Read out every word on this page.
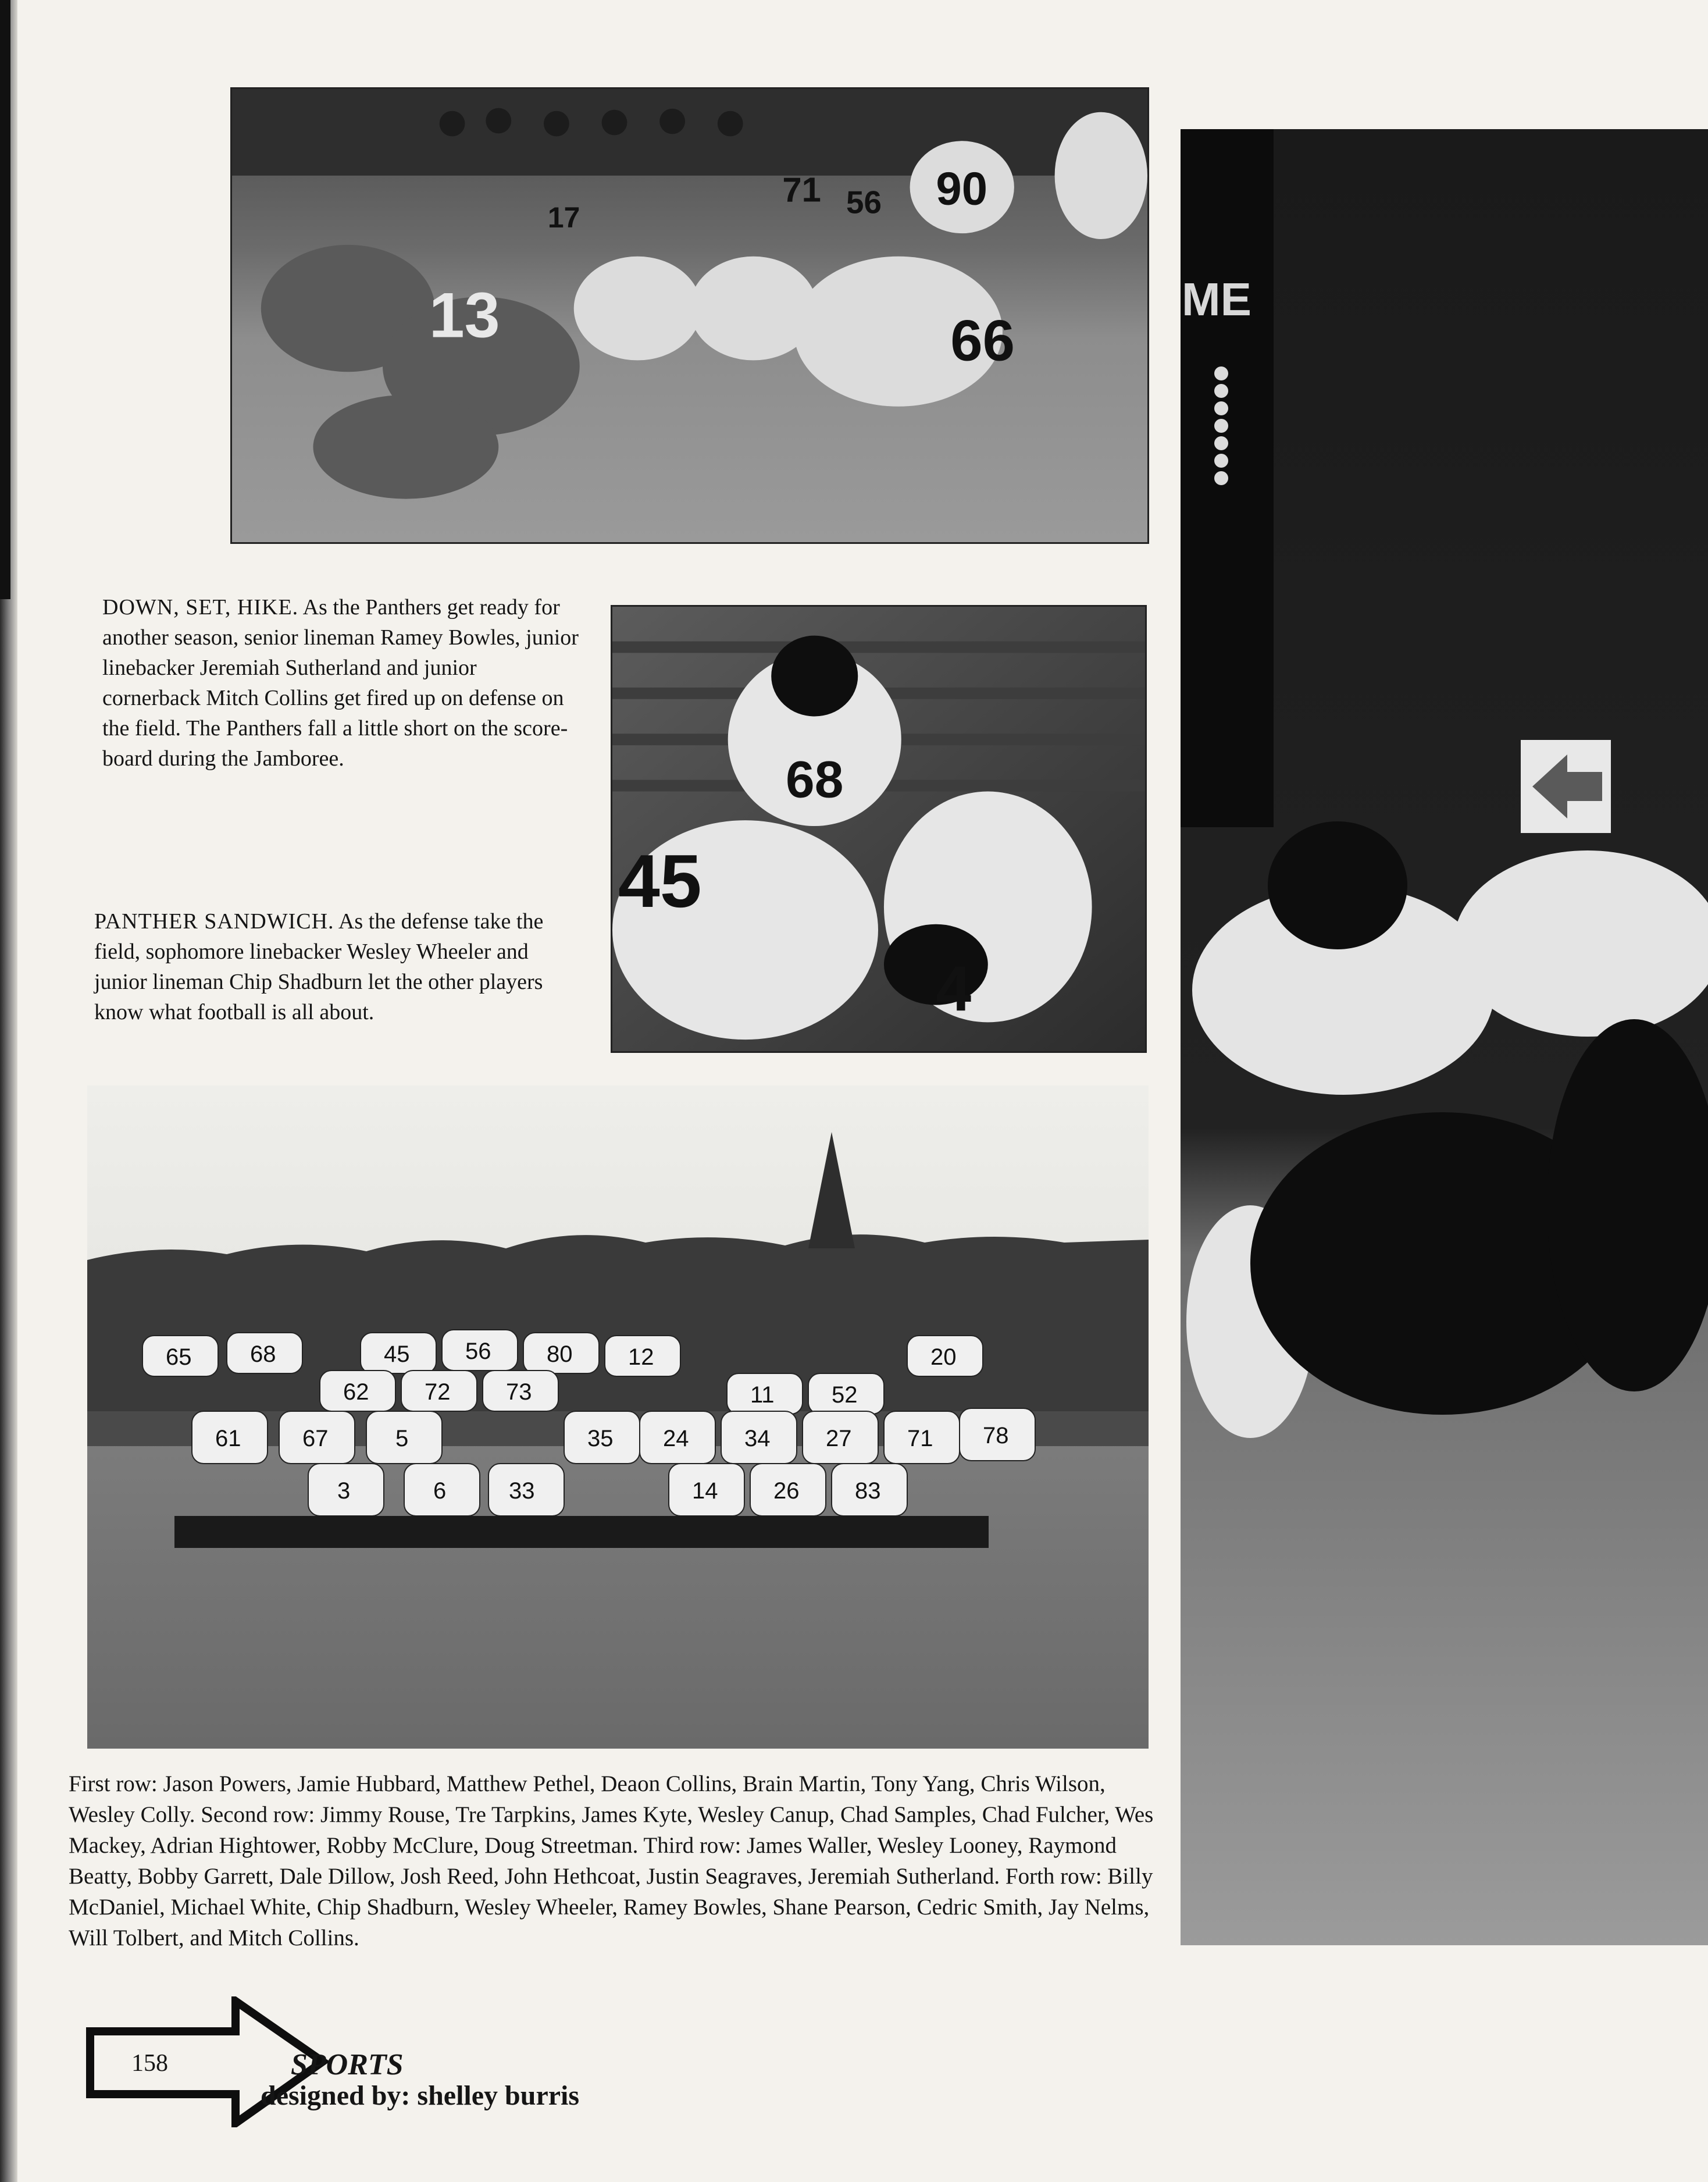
71 56 90
17
13	66
DOWN, SET, HIKE. As the Panthers get ready for another season, senior lineman Ramey Bowles, junior linebacker Jeremiah Sutherland and junior cornerback Mitch Collins get fired up on defense on the field. The Panthers fall a little short on the score-board during the Jamboree.	68
45
4
PANTHER SANDWICH. As the defense take the field, sophomore linebacker Wesley Wheeler and junior lineman Chip Shadburn let the other players know what football is all about.
65	68	45 56 80 12	20
62 72 73	11 52
61	67	5	35 24 34 27 71 78
3	6	33	14 26 83
ME
First row: Jason Powers, Jamie Hubbard, Matthew Pethel, Deaon Collins, Brain Martin, Tony Yang, Chris Wilson, Wesley Colly. Second row: Jimmy Rouse, Tre Tarpkins, James Kyte, Wesley Canup, Chad Samples, Chad Fulcher, Wes Mackey, Adrian Hightower, Robby McClure, Doug Streetman. Third row: James Waller, Wesley Looney, Raymond Beatty, Bobby Garrett, Dale Dillow, Josh Reed, John Hethcoat, Justin Seagraves, Jeremiah Sutherland. Forth row: Billy McDaniel, Michael White, Chip Shadburn, Wesley Wheeler, Ramey Bowles, Shane Pearson, Cedric Smith, Jay Nelms, Will Tolbert, and Mitch Collins.
158	SPORTS
designed by: shelley burris
